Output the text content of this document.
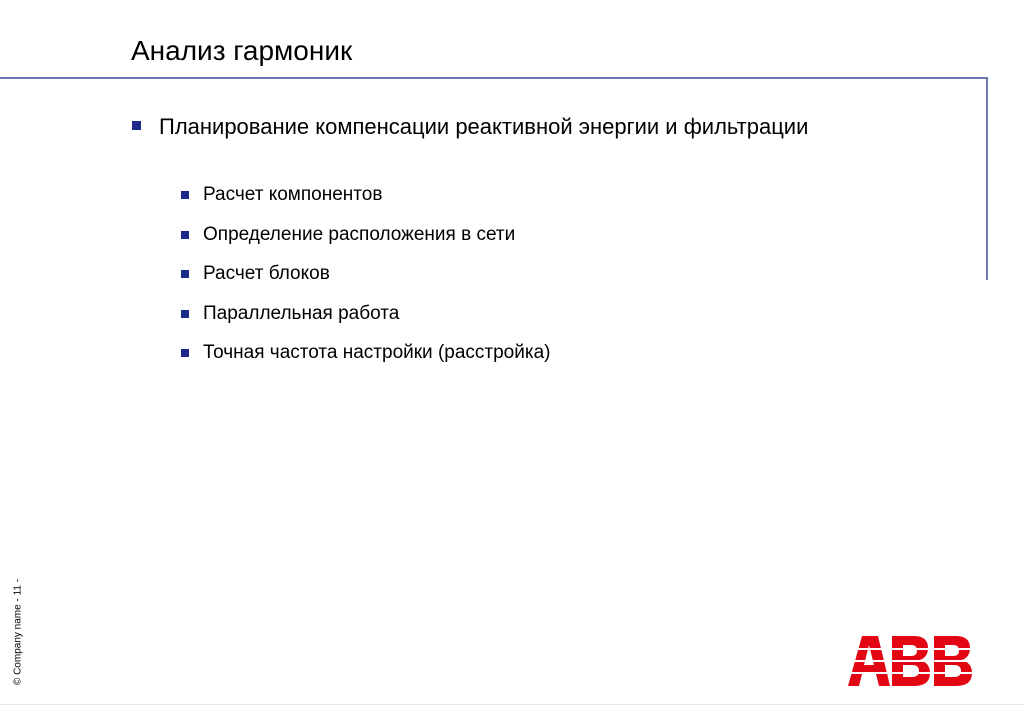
Анализ гармоник
Планирование компенсации реактивной энергии и фильтрации
Расчет компонентов
Определение расположения в сети
Расчет блоков
Параллельная работа
Точная частота настройки (расстройка)
© Company name - 11 -
